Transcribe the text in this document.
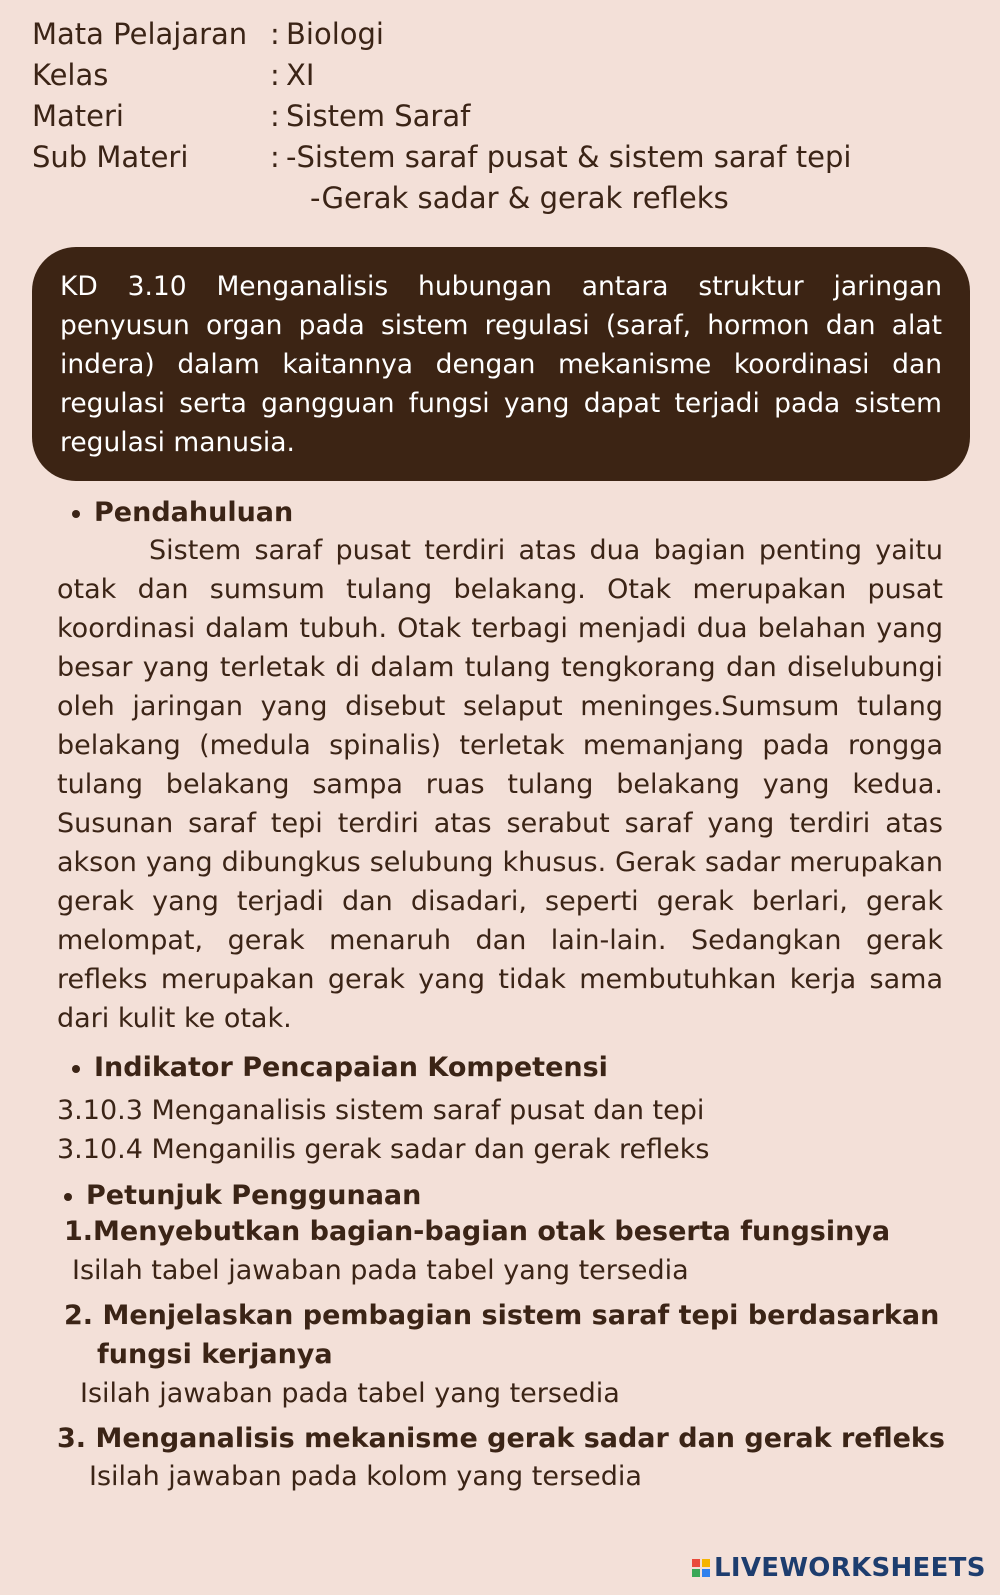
Mata Pelajaran : Biologi
Kelas	: XI
Materi	: Sistem Saraf
Sub Materi	: -Sistem saraf pusat & sistem saraf tepi
-Gerak sadar & gerak refleks
KD 3.10 Menganalisis hubungan antara struktur jaringan penyusun organ pada sistem regulasi (saraf, hormon dan alat indera) dalam kaitannya dengan mekanisme koordinasi dan regulasi serta gangguan fungsi yang dapat terjadi pada sistem regulasi manusia.
Pendahuluan

Sistem saraf pusat terdiri atas dua bagian penting yaitu otak dan sumsum tulang belakang. Otak merupakan pusat koordinasi dalam tubuh. Otak terbagi menjadi dua belahan yang besar yang terletak di dalam tulang tengkorang dan diselubungi oleh jaringan yang disebut selaput meninges.Sumsum tulang belakang (medula spinalis) terletak memanjang pada rongga tulang belakang sampa ruas tulang belakang yang kedua. Susunan saraf tepi terdiri atas serabut saraf yang terdiri atas akson yang dibungkus selubung khusus. Gerak sadar merupakan gerak yang terjadi dan disadari, seperti gerak berlari, gerak melompat, gerak menaruh dan lain-lain. Sedangkan gerak refleks merupakan gerak yang tidak membutuhkan kerja sama dari kulit ke otak.

Indikator Pencapaian Kompetensi
3.10.3 Menganalisis sistem saraf pusat dan tepi
3.10.4 Menganilis gerak sadar dan gerak refleks
Petunjuk Penggunaan
1.Menyebutkan bagian-bagian otak beserta fungsinya
Isilah tabel jawaban pada tabel yang tersedia
2. Menjelaskan pembagian sistem saraf tepi berdasarkan
fungsi kerjanya
Isilah jawaban pada tabel yang tersedia
3. Menganalisis mekanisme gerak sadar dan gerak refleks
Isilah jawaban pada kolom yang tersedia
LIVEWORKSHEETS
